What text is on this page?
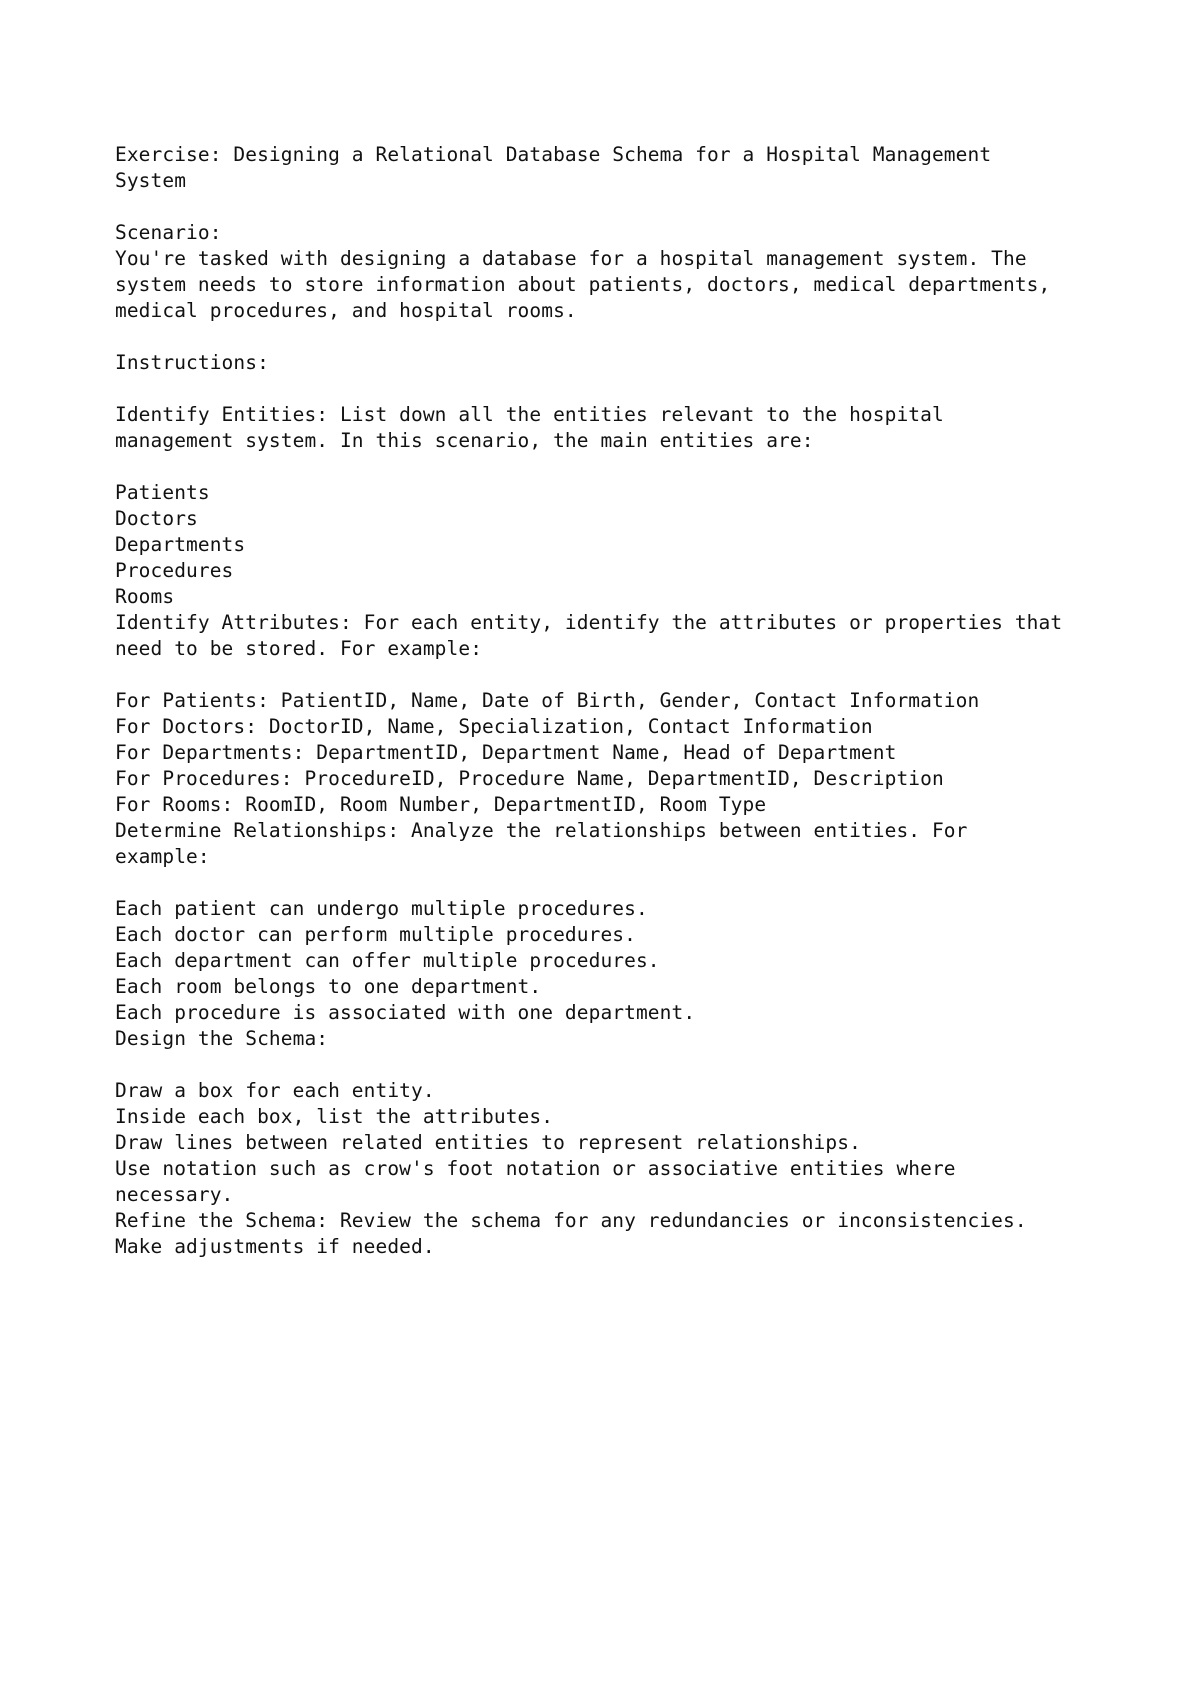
Exercise: Designing a Relational Database Schema for a Hospital Management
System
Scenario:
You're tasked with designing a database for a hospital management system. The
system needs to store information about patients, doctors, medical departments,
medical procedures, and hospital rooms.
Instructions:
Identify Entities: List down all the entities relevant to the hospital
management system. In this scenario, the main entities are:
Patients
Doctors
Departments
Procedures
Rooms
Identify Attributes: For each entity, identify the attributes or properties that
need to be stored. For example:
For Patients: PatientID, Name, Date of Birth, Gender, Contact Information
For Doctors: DoctorID, Name, Specialization, Contact Information
For Departments: DepartmentID, Department Name, Head of Department
For Procedures: ProcedureID, Procedure Name, DepartmentID, Description
For Rooms: RoomID, Room Number, DepartmentID, Room Type
Determine Relationships: Analyze the relationships between entities. For
example:
Each patient can undergo multiple procedures.
Each doctor can perform multiple procedures.
Each department can offer multiple procedures.
Each room belongs to one department.
Each procedure is associated with one department.
Design the Schema:
Draw a box for each entity.
Inside each box, list the attributes.
Draw lines between related entities to represent relationships.
Use notation such as crow's foot notation or associative entities where
necessary.
Refine the Schema: Review the schema for any redundancies or inconsistencies.
Make adjustments if needed.
